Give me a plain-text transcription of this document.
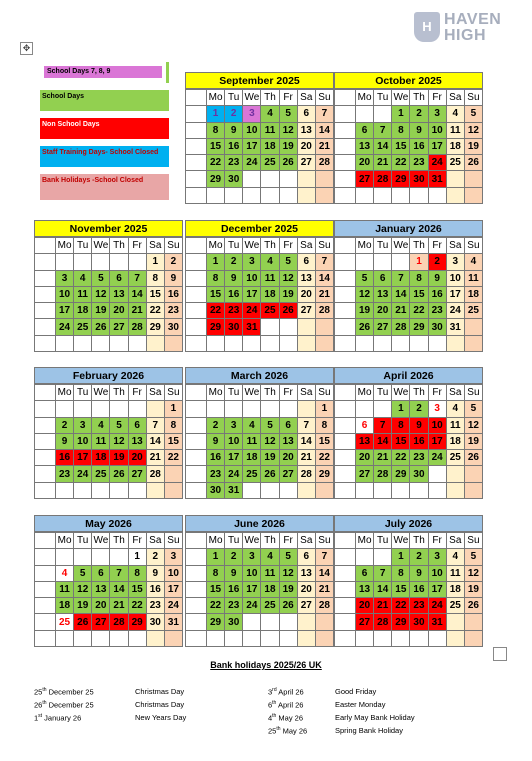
✥
H HAVEN
HIGH
School Days 7, 8, 9
School Days
Non School Days
Staff Training Days- School Closed
Bank Holidays -School Closed
September 2025
	Mo	Tu	We	Th	Fr	Sa	Su
	1	2	3	4	5	6	7
	8	9	10	11	12	13	14
	15	16	17	18	19	20	21
	22	23	24	25	26	27	28
	29	30					

October 2025
	Mo	Tu	We	Th	Fr	Sa	Su
			1	2	3	4	5
	6	7	8	9	10	11	12
	13	14	15	16	17	18	19
	20	21	22	23	24	25	26
	27	28	29	30	31		

November 2025
	Mo	Tu	We	Th	Fr	Sa	Su
						1	2
	3	4	5	6	7	8	9
	10	11	12	13	14	15	16
	17	18	19	20	21	22	23
	24	25	26	27	28	29	30

December 2025
	Mo	Tu	We	Th	Fr	Sa	Su
	1	2	3	4	5	6	7
	8	9	10	11	12	13	14
	15	16	17	18	19	20	21
	22	23	24	25	26	27	28
	29	30	31				

January 2026
	Mo	Tu	We	Th	Fr	Sa	Su
				1	2	3	4
	5	6	7	8	9	10	11
	12	13	14	15	16	17	18
	19	20	21	22	23	24	25
	26	27	28	29	30	31	

February 2026
	Mo	Tu	We	Th	Fr	Sa	Su
							1
	2	3	4	5	6	7	8
	9	10	11	12	13	14	15
	16	17	18	19	20	21	22
	23	24	25	26	27	28	

March 2026
	Mo	Tu	We	Th	Fr	Sa	Su
							1
	2	3	4	5	6	7	8
	9	10	11	12	13	14	15
	16	17	18	19	20	21	22
	23	24	25	26	27	28	29
	30	31					
April 2026
	Mo	Tu	We	Th	Fr	Sa	Su
			1	2	3	4	5
	6	7	8	9	10	11	12
	13	14	15	16	17	18	19
	20	21	22	23	24	25	26
	27	28	29	30			

May 2026
	Mo	Tu	We	Th	Fr	Sa	Su
					1	2	3
	4	5	6	7	8	9	10
	11	12	13	14	15	16	17
	18	19	20	21	22	23	24
	25	26	27	28	29	30	31

June 2026
	Mo	Tu	We	Th	Fr	Sa	Su
	1	2	3	4	5	6	7
	8	9	10	11	12	13	14
	15	16	17	18	19	20	21
	22	23	24	25	26	27	28
	29	30					

July 2026
	Mo	Tu	We	Th	Fr	Sa	Su
			1	2	3	4	5
	6	7	8	9	10	11	12
	13	14	15	16	17	18	19
	20	21	22	23	24	25	26
	27	28	29	30	31		

Bank holidays 2025/26 UK
25th December 25	Christmas Day
26th December 25	Christmas Day
1st January 26	New Years Day
3rd April 26	Good Friday
6th April 26	Easter Monday
4th May 26	Early May Bank Holiday
25th May 26	Spring Bank Holiday
